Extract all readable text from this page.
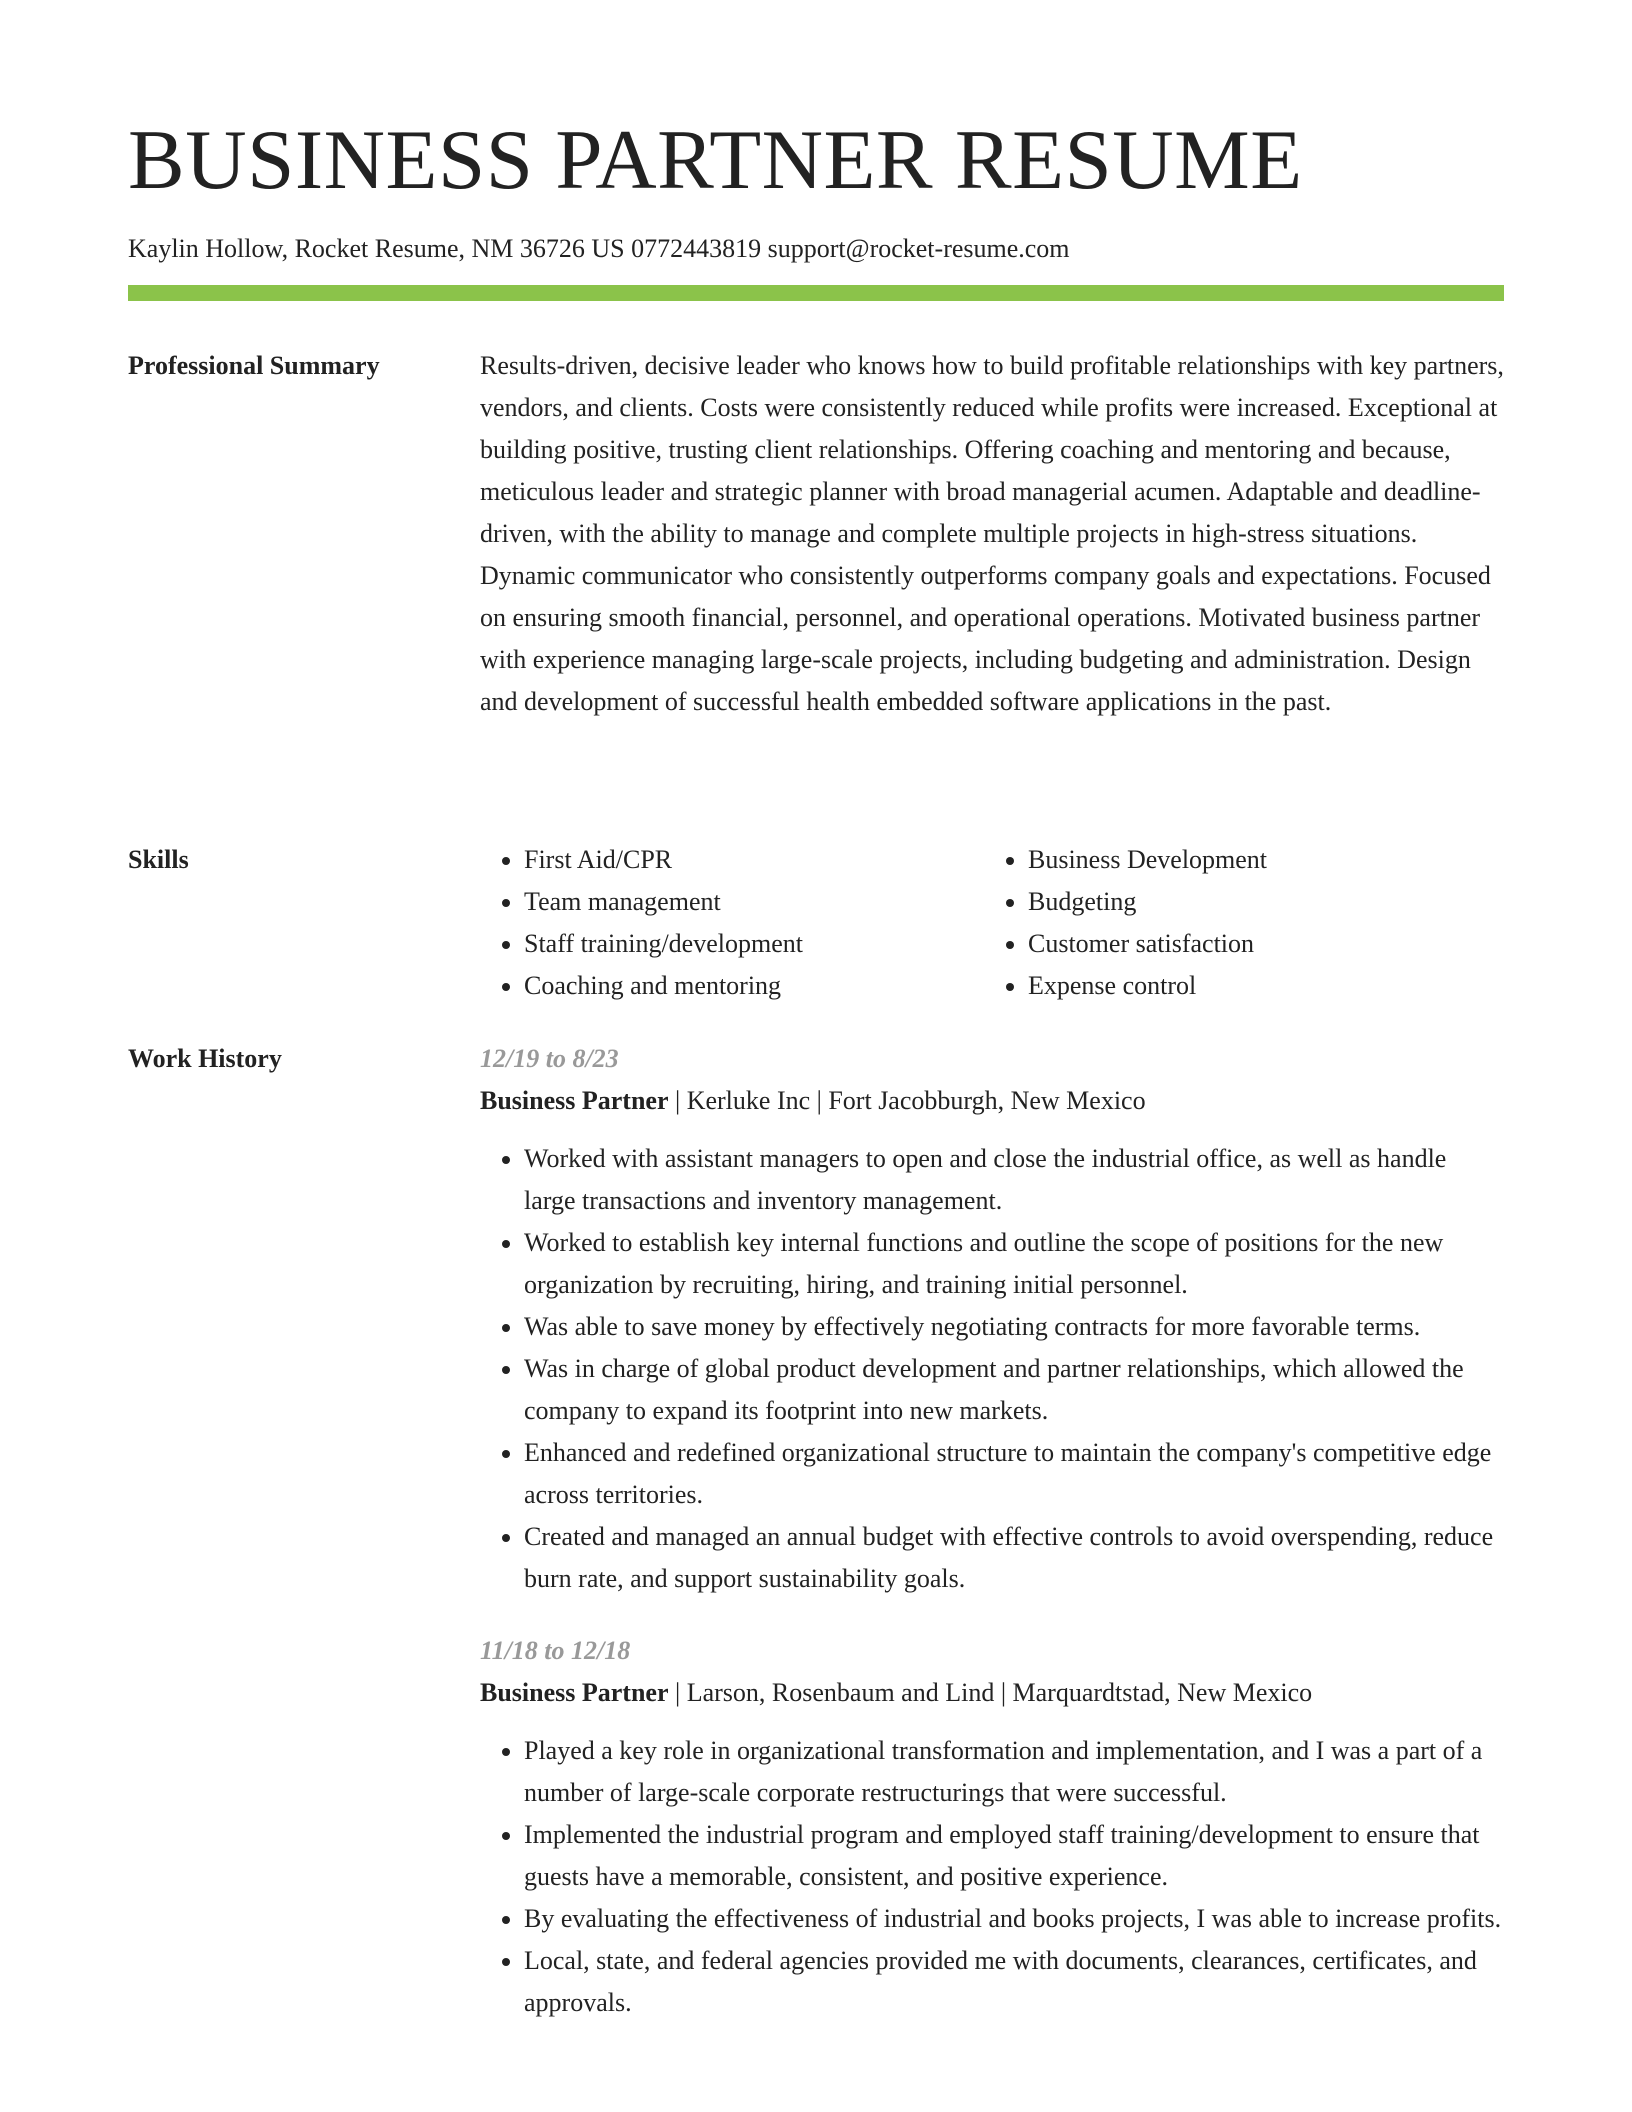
BUSINESS PARTNER RESUME
Kaylin Hollow, Rocket Resume, NM 36726 US 0772443819 support@rocket-resume.com
Professional Summary	Results-driven, decisive leader who knows how to build profitable relationships with key partners, vendors, and clients. Costs were consistently reduced while profits were increased. Exceptional at building positive, trusting client relationships. Offering coaching and mentoring and because, meticulous leader and strategic planner with broad managerial acumen. Adaptable and deadline-driven, with the ability to manage and complete multiple projects in high-stress situations. Dynamic communicator who consistently outperforms company goals and expectations. Focused on ensuring smooth financial, personnel, and operational operations. Motivated business partner with experience managing large-scale projects, including budgeting and administration. Design and development of successful health embedded software applications in the past.

Skills
•	First Aid/CPR
• Team management
• Staff training/development
• Coaching and mentoring
• Business Development
• Budgeting
• Customer satisfaction
• Expense control
Work History	12/19 to 8/23
Business Partner | Kerluke Inc | Fort Jacobburgh, New Mexico
• Worked with assistant managers to open and close the industrial office, as well as handle large transactions and inventory management.
• Worked to establish key internal functions and outline the scope of positions for the new organization by recruiting, hiring, and training initial personnel.
• Was able to save money by effectively negotiating contracts for more favorable terms.
• Was in charge of global product development and partner relationships, which allowed the company to expand its footprint into new markets.
• Enhanced and redefined organizational structure to maintain the company's competitive edge across territories.
• Created and managed an annual budget with effective controls to avoid overspending, reduce burn rate, and support sustainability goals.
11/18 to 12/18
Business Partner | Larson, Rosenbaum and Lind | Marquardtstad, New Mexico
• Played a key role in organizational transformation and implementation, and I was a part of a number of large-scale corporate restructurings that were successful.
• Implemented the industrial program and employed staff training/development to ensure that guests have a memorable, consistent, and positive experience.
• By evaluating the effectiveness of industrial and books projects, I was able to increase profits.
• Local, state, and federal agencies provided me with documents, clearances, certificates, and approvals.
